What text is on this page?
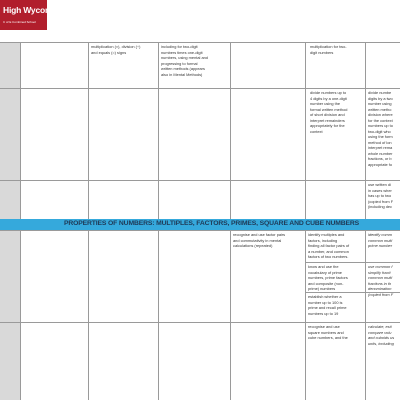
multiplication (×), division (÷)
and equals (=) signs
including for two-digit
numbers times one-digit
numbers, using mental and
progressing to formal
written methods (appears
also in Mental Methods)
multiplication for two-
digit numbers
divide numbers up to
4 digits by a one-digit
number using the
formal written method
of short division and
interpret remainders
appropriately for the
context
divide numbe
digits by a two
number using
written metho
division where
for the context
numbers up to
two-digit who
using the form
method of lon
interpret rema
whole number
fractions, or b
appropriate fo
use written di
in cases wher
has up to two
(copied from F
(including dec
PROPERTIES OF NUMBERS: MULTIPLES, FACTORS, PRIMES, SQUARE AND CUBE NUMBERS
recognise and use factor pairs
and commutativity in mental
calculations (repeated)
identify multiples and
factors, including
finding all factor pairs of
a number, and common
factors of two numbers.
know and use the
vocabulary of prime
numbers, prime factors
and composite (non-
prime) numbers
establish whether a
number up to 100 is
prime and recall prime
numbers up to 19
identify comm
common multi
prime number
use common f
simplify fracti
common multi
fractions in th
denomination
(copied from F
recognise and use
square numbers and
cube numbers, and the
calculate, esti
compare volu
and cuboids us
units, including
High Wycombe
C of E Combined School
